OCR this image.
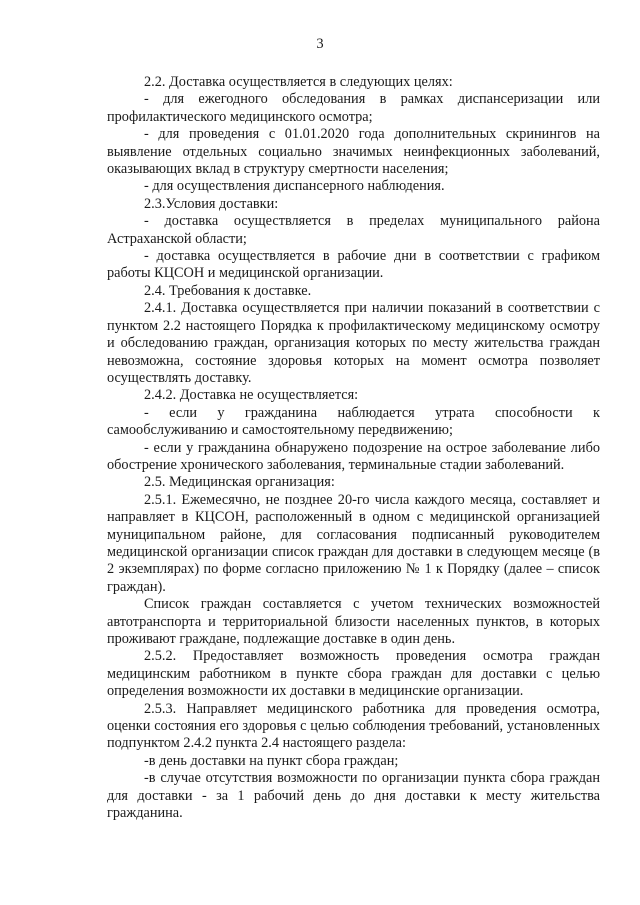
3

2.2. Доставка осуществляется в следующих целях:

- для ежегодного обследования в рамках диспансеризации или профилактического медицинского осмотра;

- для проведения с 01.01.2020 года дополнительных скринингов на выявление отдельных социально значимых неинфекционных заболеваний, оказывающих вклад в структуру смертности населения;

- для осуществления диспансерного наблюдения.

2.3.Условия доставки:

- доставка осуществляется в пределах муниципального района Астраханской области;

- доставка осуществляется в рабочие дни в соответствии с графиком работы КЦСОН и медицинской организации.

2.4. Требования к доставке.

2.4.1. Доставка осуществляется при наличии показаний в соответствии с пунктом 2.2 настоящего Порядка к профилактическому медицинскому осмотру и обследованию граждан, организация которых по месту жительства граждан невозможна, состояние здоровья которых на момент осмотра позволяет осуществлять доставку.

2.4.2. Доставка не осуществляется:

- если у гражданина наблюдается утрата способности к самообслуживанию и самостоятельному передвижению;

- если у гражданина обнаружено подозрение на острое заболевание либо обострение хронического заболевания, терминальные стадии заболеваний.

2.5. Медицинская организация:

2.5.1. Ежемесячно, не позднее 20-го числа каждого месяца, составляет и направляет в КЦСОН, расположенный в одном с медицинской организацией муниципальном районе, для согласования подписанный руководителем медицинской организации список граждан для доставки в следующем месяце (в 2 экземплярах) по форме согласно приложению № 1 к Порядку (далее – список граждан).

Список граждан составляется с учетом технических возможностей автотранспорта и территориальной близости населенных пунктов, в которых проживают граждане, подлежащие доставке в один день.

2.5.2. Предоставляет возможность проведения осмотра граждан медицинским работником в пункте сбора граждан для доставки с целью определения возможности их доставки в медицинские организации.

2.5.3. Направляет медицинского работника для проведения осмотра, оценки состояния его здоровья с целью соблюдения требований, установленных подпунктом 2.4.2 пункта 2.4 настоящего раздела:

-в день доставки на пункт сбора граждан;

-в случае отсутствия возможности по организации пункта сбора граждан для доставки - за 1 рабочий день до дня доставки к месту жительства гражданина.
